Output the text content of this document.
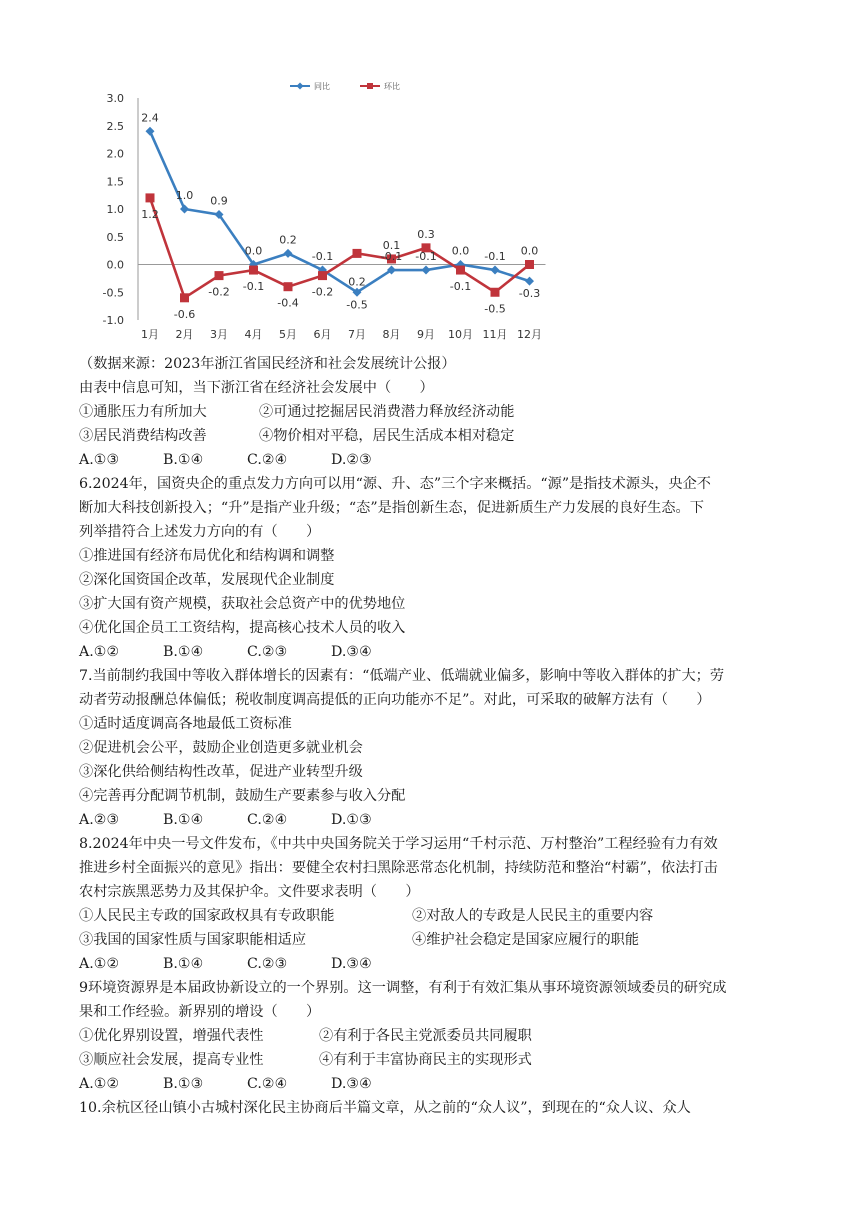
3.0
2.5
2.0
1.5
1.0
0.5
0.0
-0.5
-1.0
1月 2月 3月 4月 5月 6月 7月 8月 9月 10月 11月 12月
同比	环比
2.4
1.0 0.9
0.0
0.2
-0.1
-0.5
-0.1 -0.1 0.0 -0.1
-0.3
1.2
-0.6
-0.2 -0.1
-0.4
-0.2
0.2
0.1
0.3
-0.1
-0.5
0.0
（数据来源：2023年浙江省国民经济和社会发展统计公报）
由表中信息可知，当下浙江省在经济社会发展中（　　）
①通胀压力有所加大	②可通过挖掘居民消费潜力释放经济动能
③居民消费结构改善	④物价相对平稳，居民生活成本相对稳定
A.①③	B.①④	C.②④	D.②③
6.2024年，国资央企的重点发力方向可以用“源、升、态”三个字来概括。“源”是指技术源头，央企不
断加大科技创新投入；“升”是指产业升级；“态”是指创新生态，促进新质生产力发展的良好生态。下
列举措符合上述发力方向的有（　　）
①推进国有经济布局优化和结构调和调整
②深化国资国企改革，发展现代企业制度
③扩大国有资产规模，获取社会总资产中的优势地位
④优化国企员工工资结构，提高核心技术人员的收入
A.①②	B.①④	C.②③	D.③④
7.当前制约我国中等收入群体增长的因素有：“低端产业、低端就业偏多，影响中等收入群体的扩大；劳
动者劳动报酬总体偏低；税收制度调高提低的正向功能亦不足”。对此，可采取的破解方法有（　　）
①适时适度调高各地最低工资标准
②促进机会公平，鼓励企业创造更多就业机会
③深化供给侧结构性改革，促进产业转型升级
④完善再分配调节机制，鼓励生产要素参与收入分配
A.②③	B.①④	C.②④	D.①③
8.2024年中央一号文件发布，《中共中央国务院关于学习运用“千村示范、万村整治”工程经验有力有效
推进乡村全面振兴的意见》指出：要健全农村扫黑除恶常态化机制，持续防范和整治“村霸”，依法打击
农村宗族黑恶势力及其保护伞。文件要求表明（　　）
①人民民主专政的国家政权具有专政职能	②对敌人的专政是人民民主的重要内容
③我国的国家性质与国家职能相适应	④维护社会稳定是国家应履行的职能
A.①②	B.①④	C.②③	D.③④
9环境资源界是本届政协新设立的一个界别。这一调整，有利于有效汇集从事环境资源领域委员的研究成
果和工作经验。新界别的增设（　　）
①优化界别设置，增强代表性	②有利于各民主党派委员共同履职
③顺应社会发展，提高专业性	④有利于丰富协商民主的实现形式
A.①②	B.①③	C.②④	D.③④
10.余杭区径山镇小古城村深化民主协商后半篇文章，从之前的“众人议”，到现在的“众人议、众人
